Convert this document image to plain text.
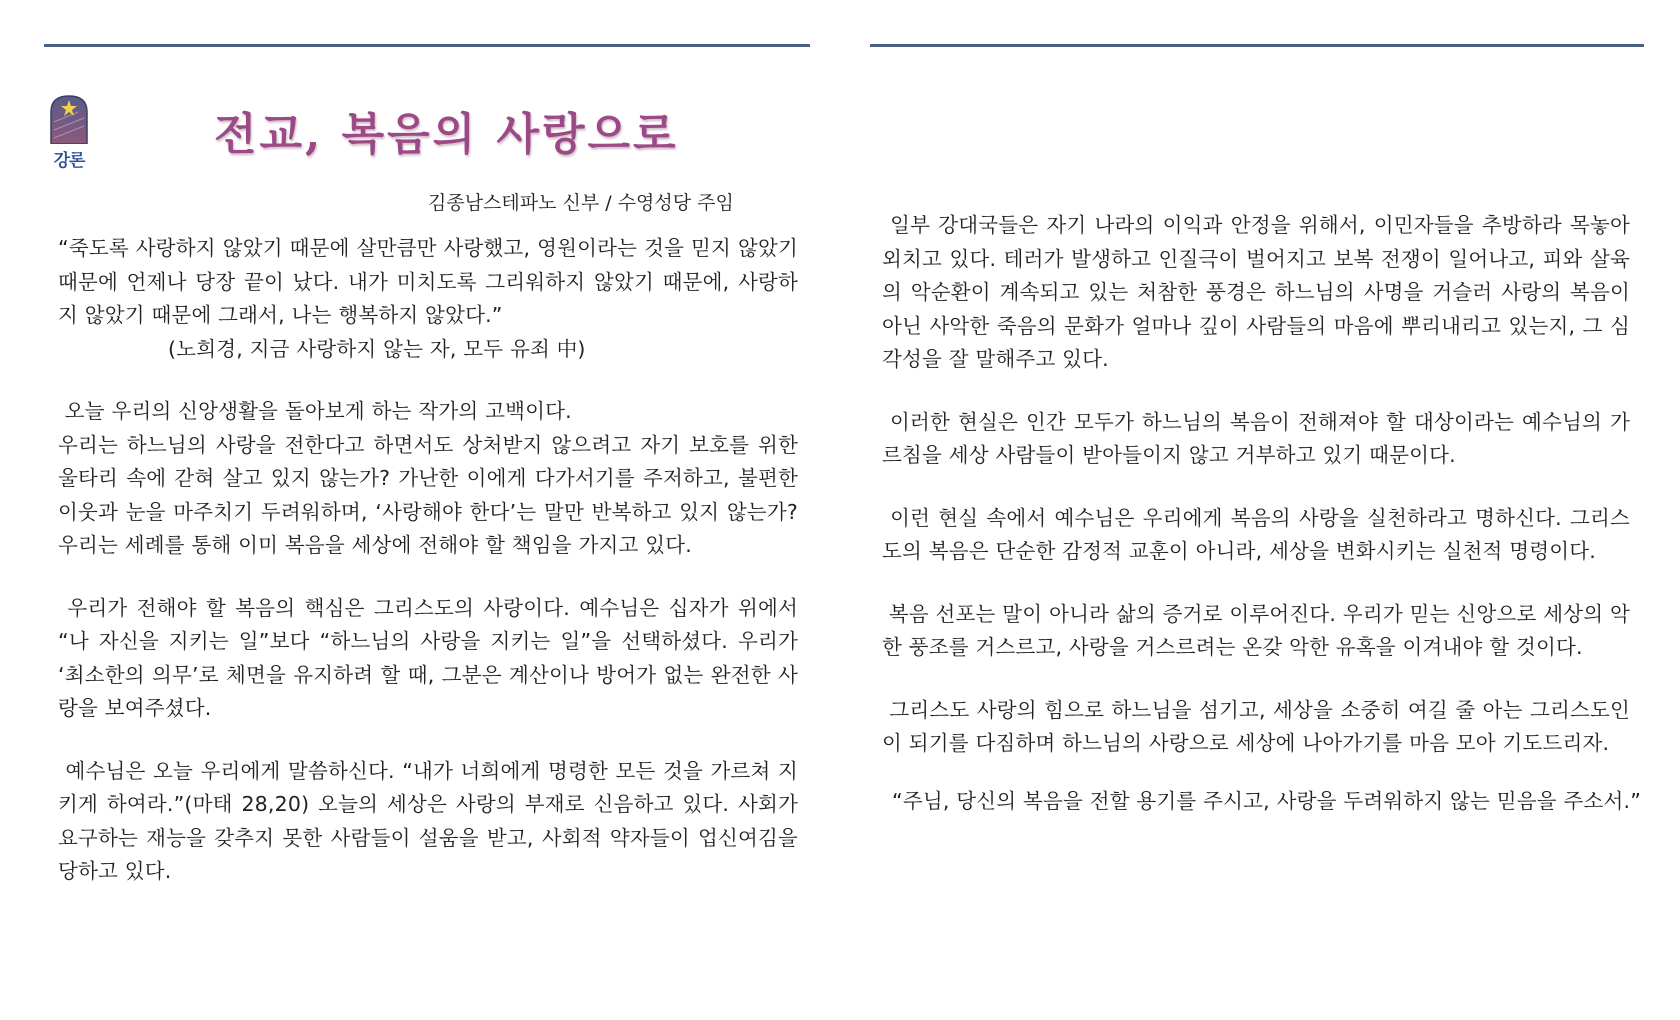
강론
전교, 복음의 사랑으로
김종남스테파노 신부 / 수영성당 주임

“죽도록 사랑하지 않았기 때문에 살만큼만 사랑했고, 영원이라는 것을 믿지 않았기 때문에 언제나 당장 끝이 났다. 내가 미치도록 그리워하지 않았기 때문에, 사랑하지 않았기 때문에 그래서, 나는 행복하지 않았다.”

(노희경, 지금 사랑하지 않는 자, 모두 유죄 中)

오늘 우리의 신앙생활을 돌아보게 하는 작가의 고백이다.

우리는 하느님의 사랑을 전한다고 하면서도 상처받지 않으려고 자기 보호를 위한 울타리 속에 갇혀 살고 있지 않는가? 가난한 이에게 다가서기를 주저하고, 불편한 이웃과 눈을 마주치기 두려워하며, ‘사랑해야 한다’는 말만 반복하고 있지 않는가? 우리는 세례를 통해 이미 복음을 세상에 전해야 할 책임을 가지고 있다.

우리가 전해야 할 복음의 핵심은 그리스도의 사랑이다. 예수님은 십자가 위에서 “나 자신을 지키는 일”보다 “하느님의 사랑을 지키는 일”을 선택하셨다. 우리가 ‘최소한의 의무’로 체면을 유지하려 할 때, 그분은 계산이나 방어가 없는 완전한 사랑을 보여주셨다.

예수님은 오늘 우리에게 말씀하신다. “내가 너희에게 명령한 모든 것을 가르쳐 지키게 하여라.”(마태 28,20) 오늘의 세상은 사랑의 부재로 신음하고 있다. 사회가 요구하는 재능을 갖추지 못한 사람들이 설움을 받고, 사회적 약자들이 업신여김을 당하고 있다.

일부 강대국들은 자기 나라의 이익과 안정을 위해서, 이민자들을 추방하라 목놓아 외치고 있다. 테러가 발생하고 인질극이 벌어지고 보복 전쟁이 일어나고, 피와 살육의 악순환이 계속되고 있는 처참한 풍경은 하느님의 사명을 거슬러 사랑의 복음이 아닌 사악한 죽음의 문화가 얼마나 깊이 사람들의 마음에 뿌리내리고 있는지, 그 심각성을 잘 말해주고 있다.

이러한 현실은 인간 모두가 하느님의 복음이 전해져야 할 대상이라는 예수님의 가르침을 세상 사람들이 받아들이지 않고 거부하고 있기 때문이다.

이런 현실 속에서 예수님은 우리에게 복음의 사랑을 실천하라고 명하신다. 그리스도의 복음은 단순한 감정적 교훈이 아니라, 세상을 변화시키는 실천적 명령이다.

복음 선포는 말이 아니라 삶의 증거로 이루어진다. 우리가 믿는 신앙으로 세상의 악한 풍조를 거스르고, 사랑을 거스르려는 온갖 악한 유혹을 이겨내야 할 것이다.

그리스도 사랑의 힘으로 하느님을 섬기고, 세상을 소중히 여길 줄 아는 그리스도인이 되기를 다짐하며 하느님의 사랑으로 세상에 나아가기를 마음 모아 기도드리자.

“주님, 당신의 복음을 전할 용기를 주시고, 사랑을 두려워하지 않는 믿음을 주소서.”
